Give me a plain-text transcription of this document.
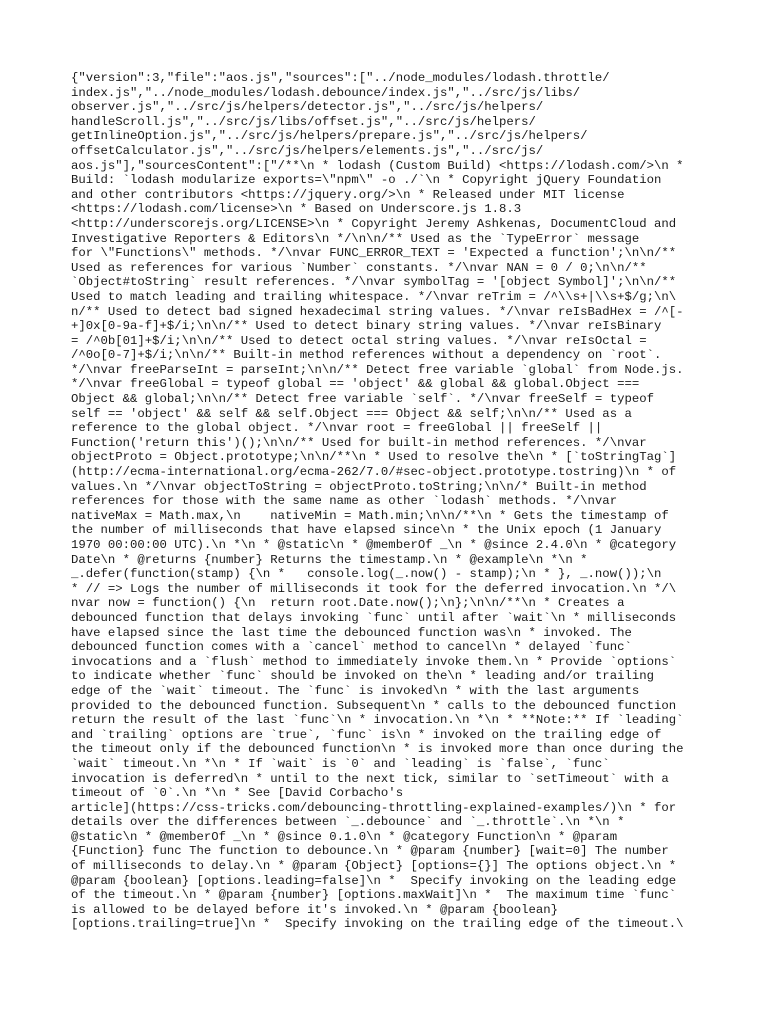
{"version":3,"file":"aos.js","sources":["../node_modules/lodash.throttle/
index.js","../node_modules/lodash.debounce/index.js","../src/js/libs/
observer.js","../src/js/helpers/detector.js","../src/js/helpers/
handleScroll.js","../src/js/libs/offset.js","../src/js/helpers/
getInlineOption.js","../src/js/helpers/prepare.js","../src/js/helpers/
offsetCalculator.js","../src/js/helpers/elements.js","../src/js/
aos.js"],"sourcesContent":["/**\n * lodash (Custom Build) <https://lodash.com/>\n *
Build: `lodash modularize exports=\"npm\" -o ./`\n * Copyright jQuery Foundation
and other contributors <https://jquery.org/>\n * Released under MIT license
<https://lodash.com/license>\n * Based on Underscore.js 1.8.3
<http://underscorejs.org/LICENSE>\n * Copyright Jeremy Ashkenas, DocumentCloud and
Investigative Reporters & Editors\n */\n\n/** Used as the `TypeError` message
for \"Functions\" methods. */\nvar FUNC_ERROR_TEXT = 'Expected a function';\n\n/**
Used as references for various `Number` constants. */\nvar NAN = 0 / 0;\n\n/**
`Object#toString` result references. */\nvar symbolTag = '[object Symbol]';\n\n/**
Used to match leading and trailing whitespace. */\nvar reTrim = /^\\s+|\\s+$/g;\n\
n/** Used to detect bad signed hexadecimal string values. */\nvar reIsBadHex = /^[-
+]0x[0-9a-f]+$/i;\n\n/** Used to detect binary string values. */\nvar reIsBinary
= /^0b[01]+$/i;\n\n/** Used to detect octal string values. */\nvar reIsOctal =
/^0o[0-7]+$/i;\n\n/** Built-in method references without a dependency on `root`.
*/\nvar freeParseInt = parseInt;\n\n/** Detect free variable `global` from Node.js.
*/\nvar freeGlobal = typeof global == 'object' && global && global.Object ===
Object && global;\n\n/** Detect free variable `self`. */\nvar freeSelf = typeof
self == 'object' && self && self.Object === Object && self;\n\n/** Used as a
reference to the global object. */\nvar root = freeGlobal || freeSelf ||
Function('return this')();\n\n/** Used for built-in method references. */\nvar
objectProto = Object.prototype;\n\n/**\n * Used to resolve the\n * [`toStringTag`]
(http://ecma-international.org/ecma-262/7.0/#sec-object.prototype.tostring)\n * of
values.\n */\nvar objectToString = objectProto.toString;\n\n/* Built-in method
references for those with the same name as other `lodash` methods. */\nvar
nativeMax = Math.max,\n    nativeMin = Math.min;\n\n/**\n * Gets the timestamp of
the number of milliseconds that have elapsed since\n * the Unix epoch (1 January
1970 00:00:00 UTC).\n *\n * @static\n * @memberOf _\n * @since 2.4.0\n * @category
Date\n * @returns {number} Returns the timestamp.\n * @example\n *\n *
_.defer(function(stamp) {\n *   console.log(_.now() - stamp);\n * }, _.now());\n
* // => Logs the number of milliseconds it took for the deferred invocation.\n */\
nvar now = function() {\n  return root.Date.now();\n};\n\n/**\n * Creates a
debounced function that delays invoking `func` until after `wait`\n * milliseconds
have elapsed since the last time the debounced function was\n * invoked. The
debounced function comes with a `cancel` method to cancel\n * delayed `func`
invocations and a `flush` method to immediately invoke them.\n * Provide `options`
to indicate whether `func` should be invoked on the\n * leading and/or trailing
edge of the `wait` timeout. The `func` is invoked\n * with the last arguments
provided to the debounced function. Subsequent\n * calls to the debounced function
return the result of the last `func`\n * invocation.\n *\n * **Note:** If `leading`
and `trailing` options are `true`, `func` is\n * invoked on the trailing edge of
the timeout only if the debounced function\n * is invoked more than once during the
`wait` timeout.\n *\n * If `wait` is `0` and `leading` is `false`, `func`
invocation is deferred\n * until to the next tick, similar to `setTimeout` with a
timeout of `0`.\n *\n * See [David Corbacho's
article](https://css-tricks.com/debouncing-throttling-explained-examples/)\n * for
details over the differences between `_.debounce` and `_.throttle`.\n *\n *
@static\n * @memberOf _\n * @since 0.1.0\n * @category Function\n * @param
{Function} func The function to debounce.\n * @param {number} [wait=0] The number
of milliseconds to delay.\n * @param {Object} [options={}] The options object.\n *
@param {boolean} [options.leading=false]\n *  Specify invoking on the leading edge
of the timeout.\n * @param {number} [options.maxWait]\n *  The maximum time `func`
is allowed to be delayed before it's invoked.\n * @param {boolean}
[options.trailing=true]\n *  Specify invoking on the trailing edge of the timeout.\
